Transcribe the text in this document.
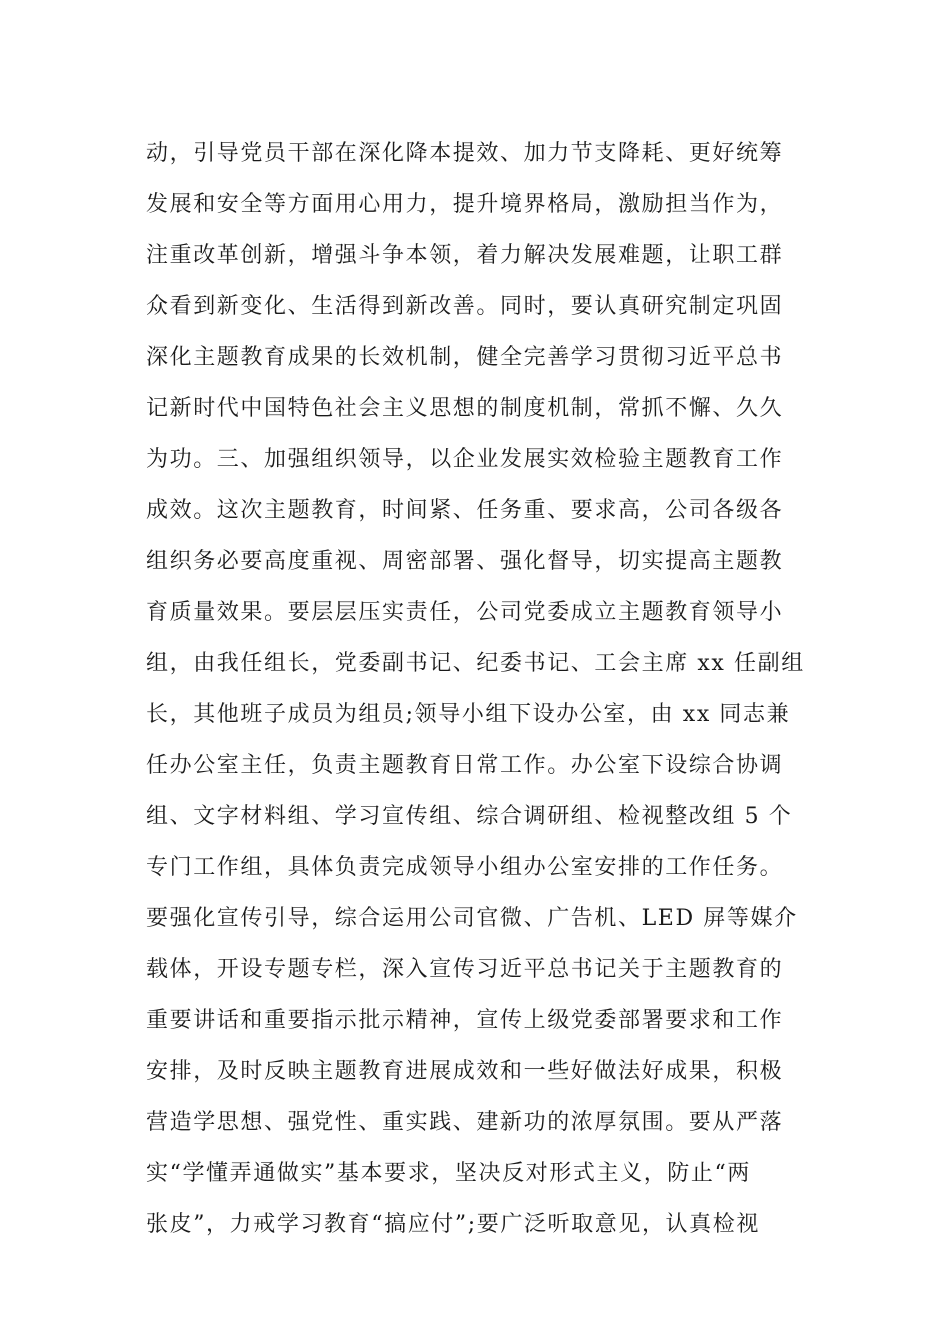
动，引导党员干部在深化降本提效、加力节支降耗、更好统筹
发展和安全等方面用心用力，提升境界格局，激励担当作为，
注重改革创新，增强斗争本领，着力解决发展难题，让职工群
众看到新变化、生活得到新改善。同时，要认真研究制定巩固
深化主题教育成果的长效机制，健全完善学习贯彻习近平总书
记新时代中国特色社会主义思想的制度机制，常抓不懈、久久
为功。三、加强组织领导，以企业发展实效检验主题教育工作
成效。这次主题教育，时间紧、任务重、要求高，公司各级各
组织务必要高度重视、周密部署、强化督导，切实提高主题教
育质量效果。要层层压实责任，公司党委成立主题教育领导小
组，由我任组长，党委副书记、纪委书记、工会主席 xx 任副组
长，其他班子成员为组员;领导小组下设办公室，由 xx 同志兼
任办公室主任，负责主题教育日常工作。办公室下设综合协调
组、文字材料组、学习宣传组、综合调研组、检视整改组 5 个
专门工作组，具体负责完成领导小组办公室安排的工作任务。
要强化宣传引导，综合运用公司官微、广告机、LED 屏等媒介
载体，开设专题专栏，深入宣传习近平总书记关于主题教育的
重要讲话和重要指示批示精神，宣传上级党委部署要求和工作
安排，及时反映主题教育进展成效和一些好做法好成果，积极
营造学思想、强党性、重实践、建新功的浓厚氛围。要从严落
实“学懂弄通做实”基本要求，坚决反对形式主义，防止“两
张皮”，力戒学习教育“搞应付”;要广泛听取意见，认真检视
